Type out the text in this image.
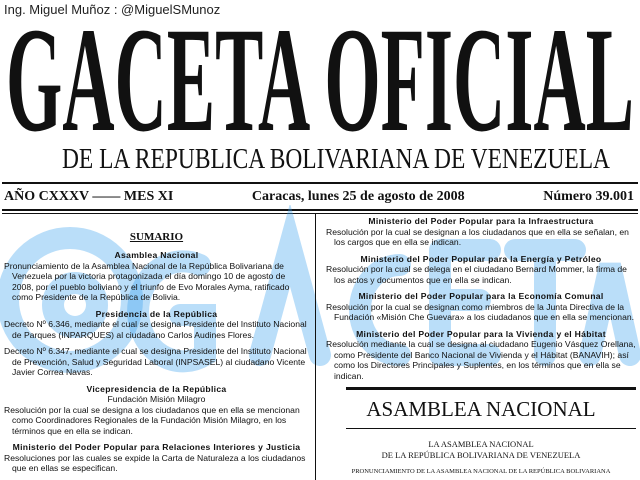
Ing. Miguel Muñoz : @MiguelSMunoz
GACETA OFICIAL
DE LA REPUBLICA BOLIVARIANA DE VENEZUELA
AÑO CXXXV —— MES XI	Caracas, lunes 25 de agosto de 2008	Número 39.001
SUMARIO
Asamblea Nacional

Pronunciamiento de la Asamblea Nacional de la República Bolivariana de Venezuela por la victoria protagonizada el día domingo 10 de agosto de 2008, por el pueblo boliviano y el triunfo de Evo Morales Ayma, ratificado como Presidente de la República de Bolivia.

Presidencia de la República

Decreto Nº 6.346, mediante el cual se designa Presidente del Instituto Nacional de Parques (INPARQUES) al ciudadano Carlos Audines Flores.

Decreto Nº 6.347, mediante el cual se designa Presidente del Instituto Nacional de Prevención, Salud y Seguridad Laboral (INPSASEL) al ciudadano Vicente Javier Correa Navas.

Vicepresidencia de la República
Fundación Misión Milagro

Resolución por la cual se designa a los ciudadanos que en ella se mencionan como Coordinadores Regionales de la Fundación Misión Milagro, en los términos que en ella se indican.

Ministerio del Poder Popular para Relaciones Interiores y Justicia

Resoluciones por las cuales se expide la Carta de Naturaleza a los ciudadanos que en ellas se especifican.

Ministerio del Poder Popular para la Infraestructura

Resolución por la cual se designan a los ciudadanos que en ella se señalan, en los cargos que en ella se indican.

Ministerio del Poder Popular para la Energía y Petróleo

Resolución por la cual se delega en el ciudadano Bernard Mommer, la firma de los actos y documentos que en ella se indican.

Ministerio del Poder Popular para la Economía Comunal

Resolución por la cual se designan como miembros de la Junta Directiva de la Fundación «Misión Che Guevara» a los ciudadanos que en ella se mencionan.

Ministerio del Poder Popular para la Vivienda y el Hábitat

Resolución mediante la cual se designa al ciudadano Eugenio Vásquez Orellana, como Presidente del Banco Nacional de Vivienda y el Hábitat (BANAVIH); así como los Directores Principales y Suplentes, en los términos que en ella se indican.

ASAMBLEA NACIONAL
LA ASAMBLEA NACIONAL
DE LA REPÚBLICA BOLIVARIANA DE VENEZUELA
PRONUNCIAMIENTO DE LA ASAMBLEA NACIONAL DE LA REPÚBLICA BOLIVARIANA
